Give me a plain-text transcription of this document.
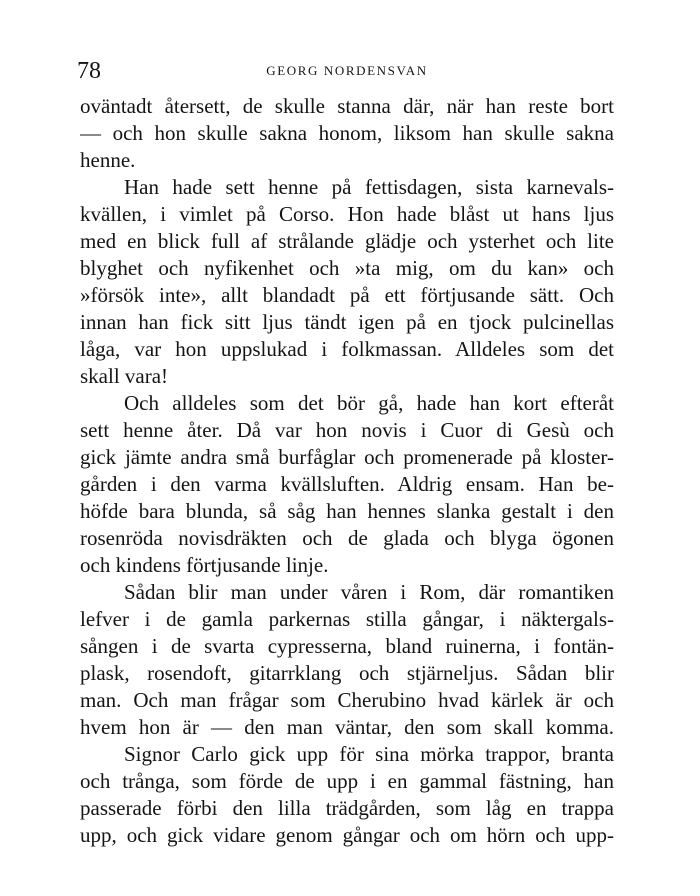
78	GEORG NORDENSVAN
oväntadt återsett, de skulle stanna där, när han reste bort
— och hon skulle sakna honom, liksom han skulle sakna
henne.
Han hade sett henne på fettisdagen, sista karnevals-
kvällen, i vimlet på Corso. Hon hade blåst ut hans ljus
med en blick full af strålande glädje och ysterhet och lite
blyghet och nyfikenhet och »ta mig, om du kan» och
»försök inte», allt blandadt på ett förtjusande sätt. Och
innan han fick sitt ljus tändt igen på en tjock pulcinellas
låga, var hon uppslukad i folkmassan. Alldeles som det
skall vara!
Och alldeles som det bör gå, hade han kort efteråt
sett henne åter. Då var hon novis i Cuor di Gesù och
gick jämte andra små burfåglar och promenerade på kloster-
gården i den varma kvällsluften. Aldrig ensam. Han be-
höfde bara blunda, så såg han hennes slanka gestalt i den
rosenröda novisdräkten och de glada och blyga ögonen
och kindens förtjusande linje.
Sådan blir man under våren i Rom, där romantiken
lefver i de gamla parkernas stilla gångar, i näktergals-
sången i de svarta cypresserna, bland ruinerna, i fontän-
plask, rosendoft, gitarrklang och stjärneljus. Sådan blir
man. Och man frågar som Cherubino hvad kärlek är och
hvem hon är — den man väntar, den som skall komma.
Signor Carlo gick upp för sina mörka trappor, branta
och trånga, som förde de upp i en gammal fästning, han
passerade förbi den lilla trädgården, som låg en trappa
upp, och gick vidare genom gångar och om hörn och upp-
